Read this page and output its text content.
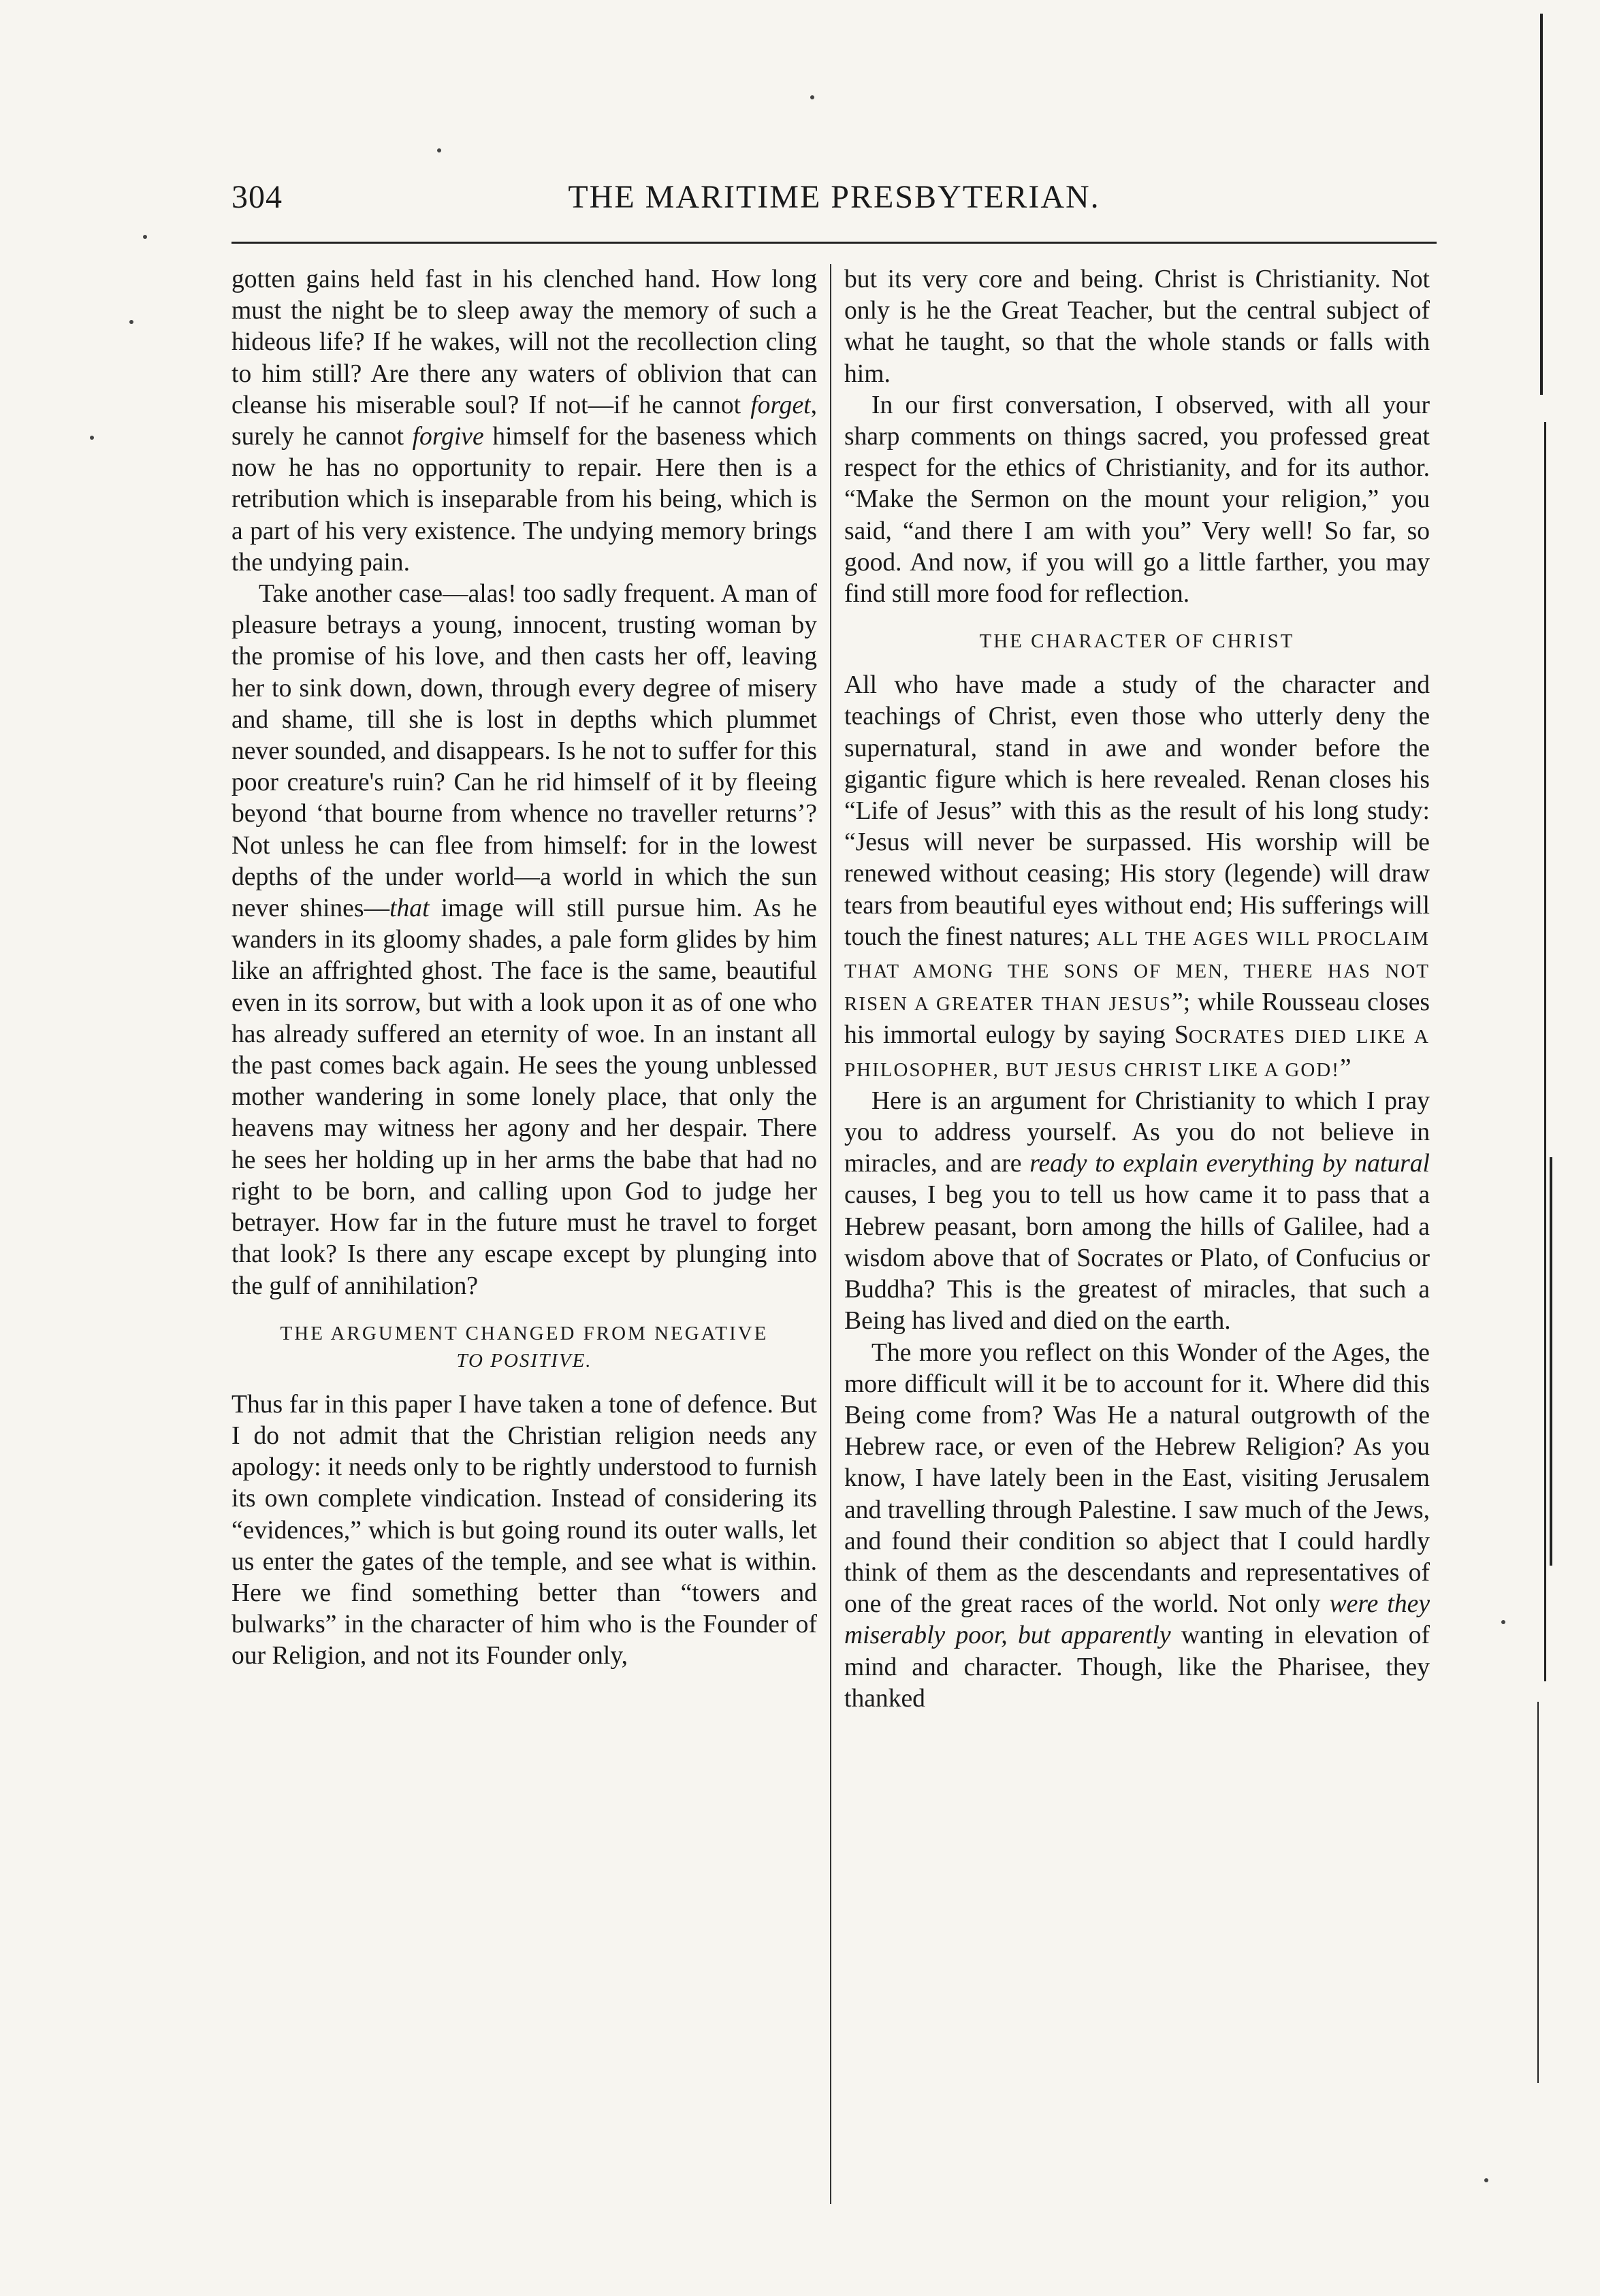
304	THE MARITIME PRESBYTERIAN.

gotten gains held fast in his clenched hand. How long must the night be to sleep away the memory of such a hideous life? If he wakes, will not the recollection cling to him still? Are there any waters of oblivion that can cleanse his miserable soul? If not—if he cannot forget, surely he cannot forgive himself for the baseness which now he has no opportunity to repair. Here then is a retribution which is inseparable from his being, which is a part of his very existence. The undying memory brings the undying pain.

Take another case—alas! too sadly frequent. A man of pleasure betrays a young, innocent, trusting woman by the promise of his love, and then casts her off, leaving her to sink down, down, through every degree of misery and shame, till she is lost in depths which plummet never sounded, and disappears. Is he not to suffer for this poor creature's ruin? Can he rid himself of it by fleeing beyond ‘that bourne from whence no traveller returns’? Not unless he can flee from himself: for in the lowest depths of the under world—a world in which the sun never shines—that image will still pursue him. As he wanders in its gloomy shades, a pale form glides by him like an affrighted ghost. The face is the same, beautiful even in its sorrow, but with a look upon it as of one who has already suffered an eternity of woe. In an instant all the past comes back again. He sees the young unblessed mother wandering in some lonely place, that only the heavens may witness her agony and her despair. There he sees her holding up in her arms the babe that had no right to be born, and calling upon God to judge her betrayer. How far in the future must he travel to forget that look? Is there any escape except by plunging into the gulf of annihilation?

THE ARGUMENT CHANGED FROM NEGATIVE
TO POSITIVE.

Thus far in this paper I have taken a tone of defence. But I do not admit that the Christian religion needs any apology: it needs only to be rightly understood to furnish its own complete vindication. Instead of considering its “evidences,” which is but going round its outer walls, let us enter the gates of the temple, and see what is within. Here we find something better than “towers and bulwarks” in the character of him who is the Founder of our Religion, and not its Founder only,

but its very core and being. Christ is Christianity. Not only is he the Great Teacher, but the central subject of what he taught, so that the whole stands or falls with him.

In our first conversation, I observed, with all your sharp comments on things sacred, you professed great respect for the ethics of Christianity, and for its author. “Make the Sermon on the mount your religion,” you said, “and there I am with you” Very well! So far, so good. And now, if you will go a little farther, you may find still more food for reflection.

THE CHARACTER OF CHRIST

All who have made a study of the character and teachings of Christ, even those who utterly deny the supernatural, stand in awe and wonder before the gigantic figure which is here revealed. Renan closes his “Life of Jesus” with this as the result of his long study: “Jesus will never be surpassed. His worship will be renewed without ceasing; His story (legende) will draw tears from beautiful eyes without end; His sufferings will touch the finest natures; ALL THE AGES WILL PROCLAIM THAT AMONG THE SONS OF MEN, THERE HAS NOT RISEN A GREATER THAN JESUS”; while Rousseau closes his immortal eulogy by saying SOCRATES DIED LIKE A PHILOSOPHER, BUT JESUS CHRIST LIKE A GOD!”

Here is an argument for Christianity to which I pray you to address yourself. As you do not believe in miracles, and are ready to explain everything by natural causes, I beg you to tell us how came it to pass that a Hebrew peasant, born among the hills of Galilee, had a wisdom above that of Socrates or Plato, of Confucius or Buddha? This is the greatest of miracles, that such a Being has lived and died on the earth.

The more you reflect on this Wonder of the Ages, the more difficult will it be to account for it. Where did this Being come from? Was He a natural outgrowth of the Hebrew race, or even of the Hebrew Religion? As you know, I have lately been in the East, visiting Jerusalem and travelling through Palestine. I saw much of the Jews, and found their condition so abject that I could hardly think of them as the descendants and representatives of one of the great races of the world. Not only were they miserably poor, but apparently wanting in elevation of mind and character. Though, like the Pharisee, they thanked
